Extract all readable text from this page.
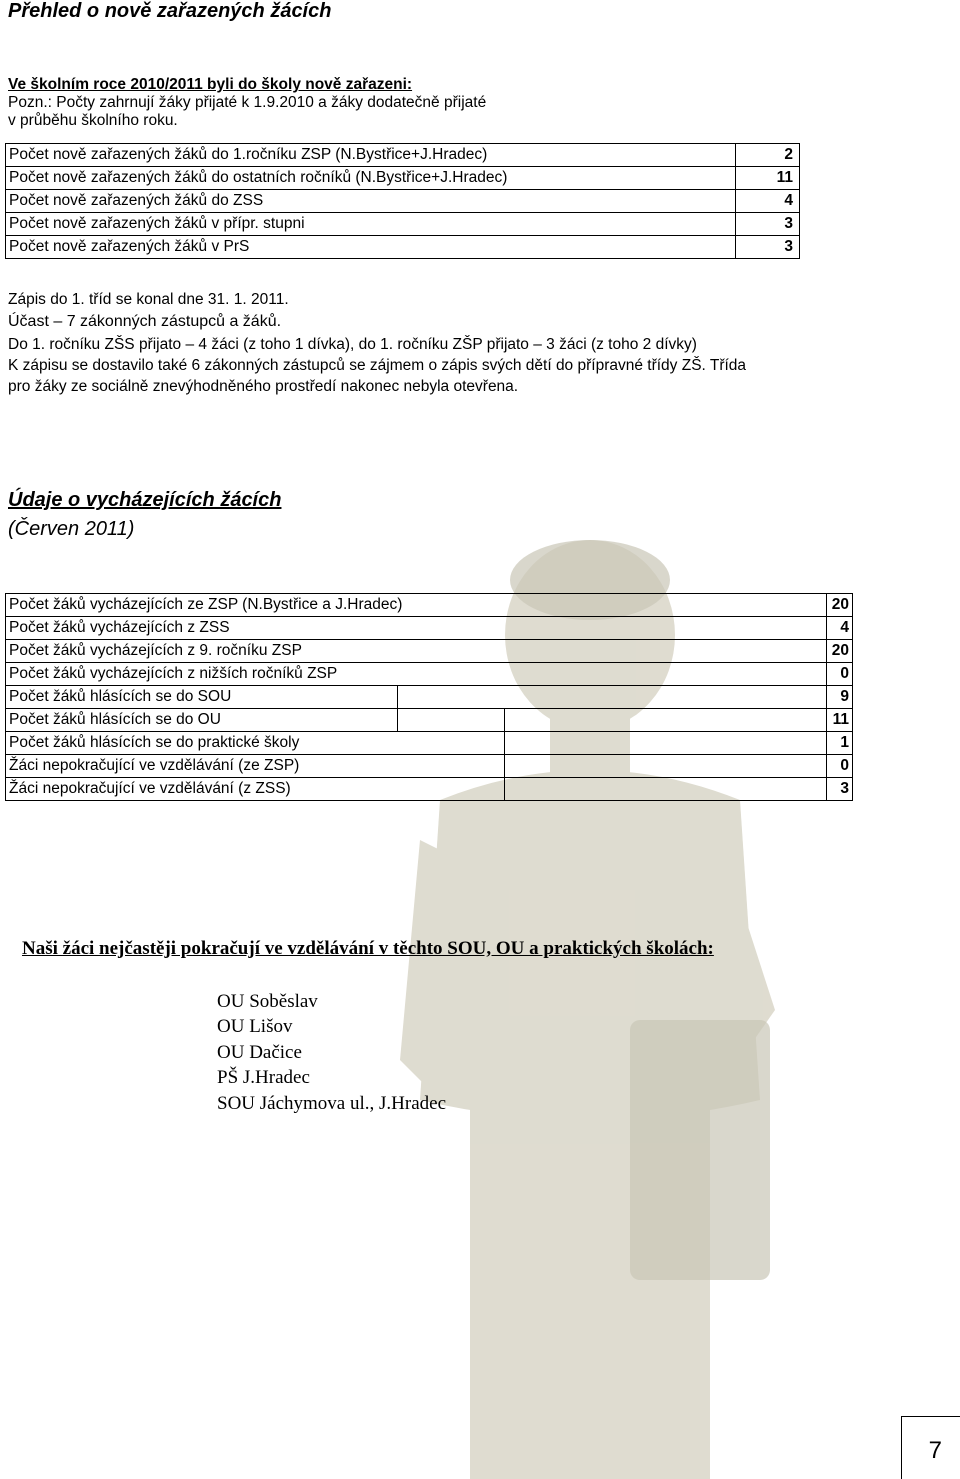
Přehled o nově zařazených žácích
Ve školním roce 2010/2011 byli do školy nově zařazeni:
Pozn.: Počty zahrnují žáky přijaté k 1.9.2010 a žáky dodatečně přijaté
v průběhu školního roku.
Počet nově zařazených žáků do 1.ročníku ZSP (N.Bystřice+J.Hradec)	2
Počet nově zařazených žáků do ostatních ročníků (N.Bystřice+J.Hradec)	11
Počet nově zařazených žáků do ZSS	4
Počet nově zařazených žáků v přípr. stupni	3
Počet nově zařazených žáků v PrS	3
Zápis do 1. tříd se konal dne 31. 1. 2011.
Účast – 7 zákonných zástupců a žáků.
Do 1. ročníku ZŠS přijato – 4 žáci (z toho 1 dívka), do 1. ročníku ZŠP přijato – 3 žáci (z toho 2 dívky)
K zápisu se dostavilo také 6 zákonných zástupců se zájmem o zápis svých dětí do přípravné třídy ZŠ. Třída
pro žáky ze sociálně znevýhodněného prostředí nakonec nebyla otevřena.
Údaje o vycházejících žácích
(Červen 2011)
Počet žáků vycházejících ze ZSP (N.Bystřice a J.Hradec)			20
Počet žáků vycházejících z ZSS			4
Počet žáků vycházejících z 9. ročníku ZSP			20
Počet žáků vycházejících z nižších ročníků ZSP			0
Počet žáků hlásících se do SOU			9
Počet žáků hlásících se do OU			11
Počet žáků hlásících se do praktické školy			1
Žáci nepokračující ve vzdělávání (ze ZSP)			0
Žáci nepokračující ve vzdělávání (z ZSS)			3
Naši žáci nejčastěji pokračují ve vzdělávání v těchto SOU, OU a praktických školách:
OU Soběslav
OU Lišov
OU Dačice
PŠ J.Hradec
SOU Jáchymova ul., J.Hradec
7
